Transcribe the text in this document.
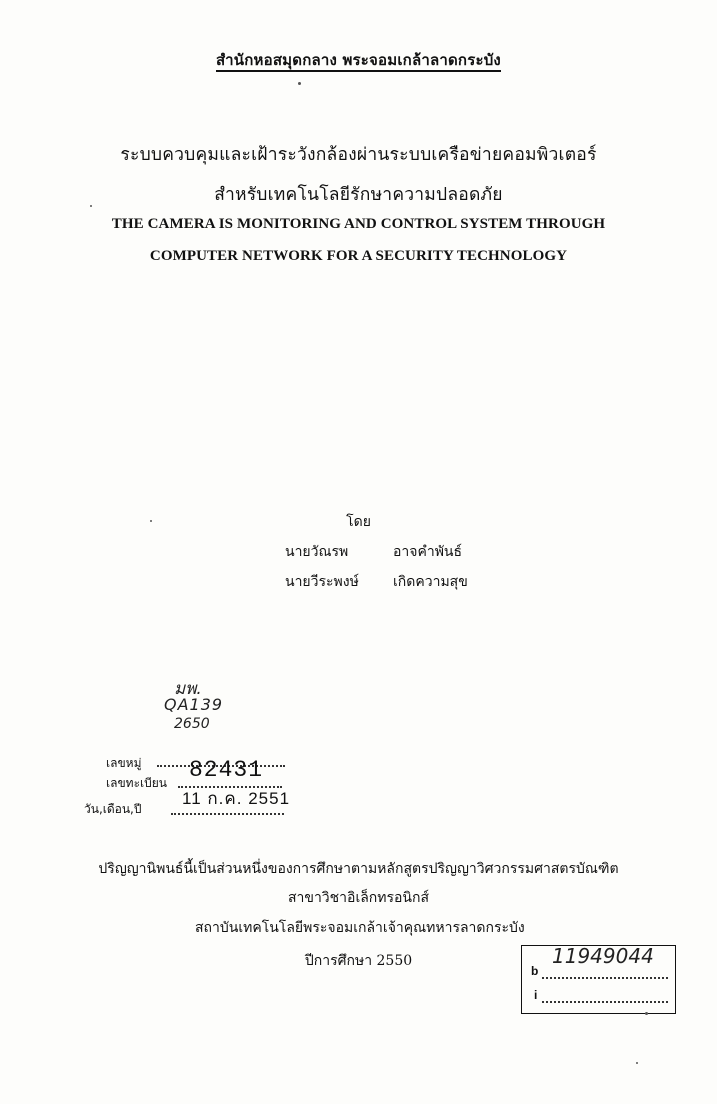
สำนักหอสมุดกลาง พระจอมเกล้าลาดกระบัง
ระบบควบคุมและเฝ้าระวังกล้องผ่านระบบเครือข่ายคอมพิวเตอร์
สำหรับเทคโนโลยีรักษาความปลอดภัย
THE CAMERA IS MONITORING AND CONTROL SYSTEM THROUGH
COMPUTER NETWORK FOR A SECURITY TECHNOLOGY
โดย
นายวัณรพ	อาจคำพันธ์
นายวีระพงษ์ เกิดความสุข
มพ.
QA139
2650
เลขหมู่
เลขทะเบียน
วัน,เดือน,ปี
82431
11 ก.ค. 2551
ปริญญานิพนธ์นี้เป็นส่วนหนึ่งของการศึกษาตามหลักสูตรปริญญาวิศวกรรมศาสตรบัณฑิต
สาขาวิชาอิเล็กทรอนิกส์
สถาบันเทคโนโลยีพระจอมเกล้าเจ้าคุณทหารลาดกระบัง
ปีการศึกษา 2550
b
11949044
i
